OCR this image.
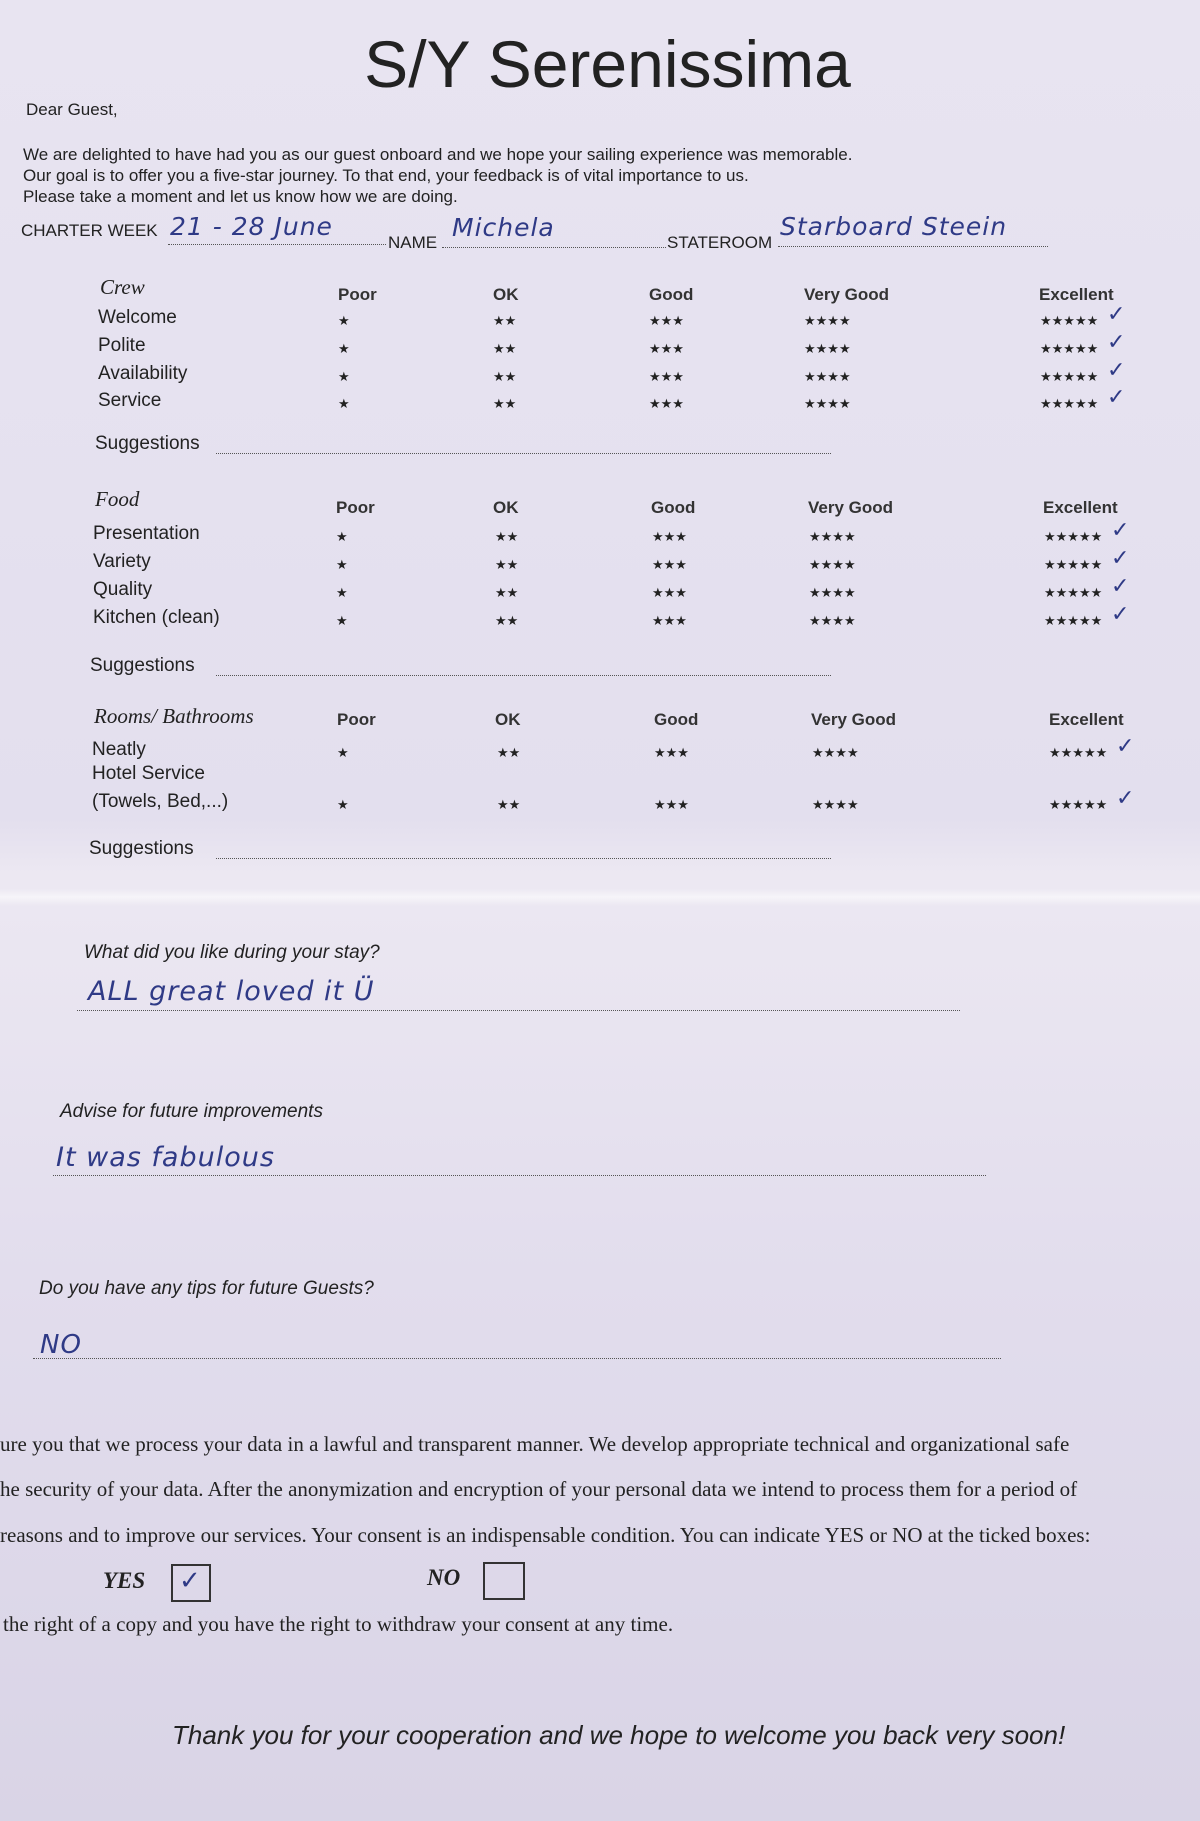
S/Y Serenissima
Dear Guest,
We are delighted to have had you as our guest onboard and we hope your sailing experience was memorable.
Our goal is to offer you a five-star journey. To that end, your feedback is of vital importance to us.
Please take a moment and let us know how we are doing.
CHARTER WEEK 21 - 28 June
NAME
Michela
STATEROOM
Starboard Steein
What did you like during your stay?
ALL great loved it Ü
Advise for future improvements
It was fabulous
Do you have any tips for future Guests?
NO
ure you that we process your data in a lawful and transparent manner. We develop appropriate technical and organizational safe
he security of your data. After the anonymization and encryption of your personal data we intend to process them for a period of
reasons and to improve our services. Your consent is an indispensable condition. You can indicate YES or NO at the ticked boxes:
YES ✓	NO
the right of a copy and you have the right to withdraw your consent at any time.
Thank you for your cooperation and we hope to welcome you back very soon!
Crew	Poor	OK	Good	Very Good	Excellent
Welcome	★	★★	★★★	★★★★	★★★★★ ✓
Polite	★	★★	★★★	★★★★	★★★★★ ✓
Availability	★	★★	★★★	★★★★	★★★★★ ✓
Service	★	★★	★★★	★★★★	★★★★★ ✓
Suggestions
Food	Poor	OK	Good	Very Good	Excellent
Presentation	★	★★	★★★	★★★★	★★★★★ ✓
Variety	★	★★	★★★	★★★★	★★★★★ ✓
Quality	★	★★	★★★	★★★★	★★★★★ ✓
Kitchen (clean)	★	★★	★★★	★★★★	★★★★★ ✓
Suggestions
Rooms/ Bathrooms	Poor	OK	Good	Very Good	Excellent
Neatly	★	★★	★★★	★★★★	★★★★★ ✓
Hotel Service
(Towels, Bed,...)	★	★★	★★★	★★★★	★★★★★ ✓
Suggestions
